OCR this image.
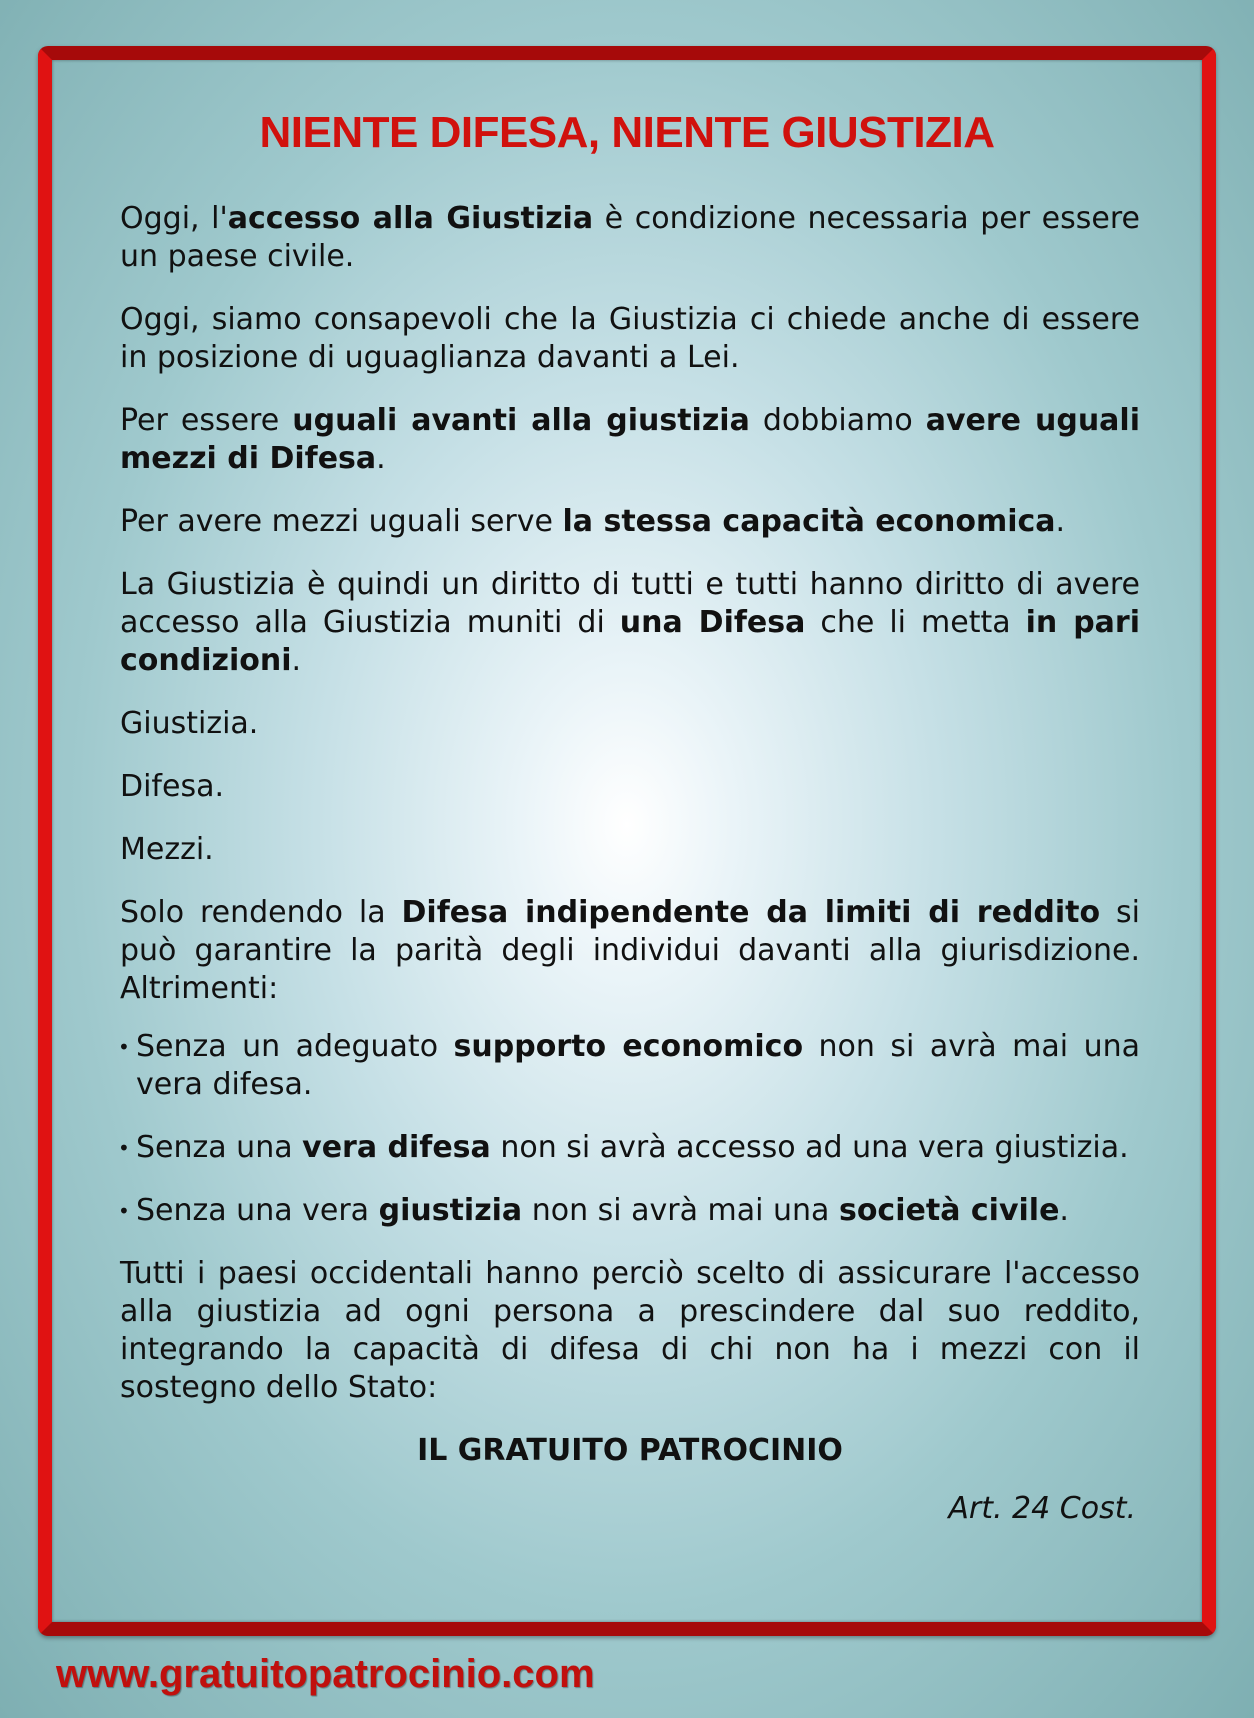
NIENTE DIFESA, NIENTE GIUSTIZIA

Oggi, l'accesso alla Giustizia è condizione necessaria per essere un paese civile.

Oggi, siamo consapevoli che la Giustizia ci chiede anche di essere in posizione di uguaglianza davanti a Lei.

Per essere uguali avanti alla giustizia dobbiamo avere uguali mezzi di Difesa.

Per avere mezzi uguali serve la stessa capacità economica.

La Giustizia è quindi un diritto di tutti e tutti hanno diritto di avere accesso alla Giustizia muniti di una Difesa che li metta in pari condizioni.

Giustizia.

Difesa.

Mezzi.

Solo rendendo la Difesa indipendente da limiti di reddito si può garantire la parità degli individui davanti alla giurisdizione. Altrimenti:

• Senza un adeguato supporto economico non si avrà mai una vera difesa.
• Senza una vera difesa non si avrà accesso ad una vera giustizia.
• Senza una vera giustizia non si avrà mai una società civile.

Tutti i paesi occidentali hanno perciò scelto di assicurare l'accesso alla giustizia ad ogni persona a prescindere dal suo reddito, integrando la capacità di difesa di chi non ha i mezzi con il sostegno dello Stato:

IL GRATUITO PATROCINIO

Art. 24 Cost.

www.gratuitopatrocinio.com
